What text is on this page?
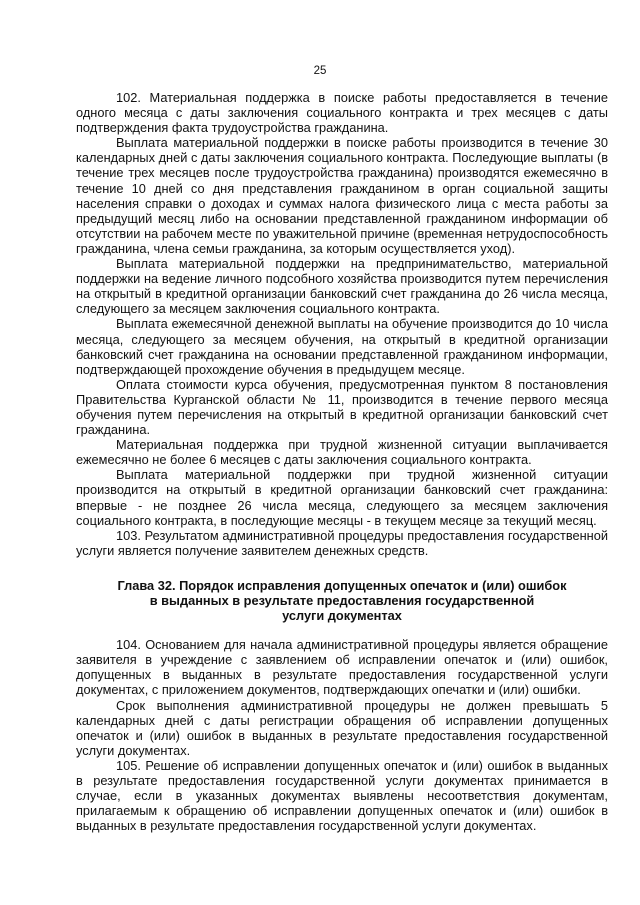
25

102. Материальная поддержка в поиске работы предоставляется в течение одного месяца с даты заключения социального контракта и трех месяцев с даты подтверждения факта трудоустройства гражданина.

Выплата материальной поддержки в поиске работы производится в течение 30 календарных дней с даты заключения социального контракта. Последующие выплаты (в течение трех месяцев после трудоустройства гражданина) производятся ежемесячно в течение 10 дней со дня представления гражданином в орган социальной защиты населения справки о доходах и суммах налога физического лица с места работы за предыдущий месяц либо на основании представленной гражданином информации об отсутствии на рабочем месте по уважительной причине (временная нетрудоспособность гражданина, члена семьи гражданина, за которым осуществляется уход).

Выплата материальной поддержки на предпринимательство, материальной поддержки на ведение личного подсобного хозяйства производится путем перечисления на открытый в кредитной организации банковский счет гражданина до 26 числа месяца, следующего за месяцем заключения социального контракта.

Выплата ежемесячной денежной выплаты на обучение производится до 10 числа месяца, следующего за месяцем обучения, на открытый в кредитной организации банковский счет гражданина на основании представленной гражданином информации, подтверждающей прохождение обучения в предыдущем месяце.

Оплата стоимости курса обучения, предусмотренная пунктом 8 постановления Правительства Курганской области № 11, производится в течение первого месяца обучения путем перечисления на открытый в кредитной организации банковский счет гражданина.

Материальная поддержка при трудной жизненной ситуации выплачивается ежемесячно не более 6 месяцев с даты заключения социального контракта.

Выплата материальной поддержки при трудной жизненной ситуации производится на открытый в кредитной организации банковский счет гражданина: впервые - не позднее 26 числа месяца, следующего за месяцем заключения социального контракта, в последующие месяцы - в текущем месяце за текущий месяц.

103. Результатом административной процедуры предоставления государственной услуги является получение заявителем денежных средств.

Глава 32. Порядок исправления допущенных опечаток и (или) ошибок
в выданных в результате предоставления государственной
услуги документах

104. Основанием для начала административной процедуры является обращение заявителя в учреждение с заявлением об исправлении опечаток и (или) ошибок, допущенных в выданных в результате предоставления государственной услуги документах, с приложением документов, подтверждающих опечатки и (или) ошибки.

Срок выполнения административной процедуры не должен превышать 5 календарных дней с даты регистрации обращения об исправлении допущенных опечаток и (или) ошибок в выданных в результате предоставления государственной услуги документах.

105. Решение об исправлении допущенных опечаток и (или) ошибок в выданных в результате предоставления государственной услуги документах принимается в случае, если в указанных документах выявлены несоответствия документам, прилагаемым к обращению об исправлении допущенных опечаток и (или) ошибок в выданных в результате предоставления государственной услуги документах.
